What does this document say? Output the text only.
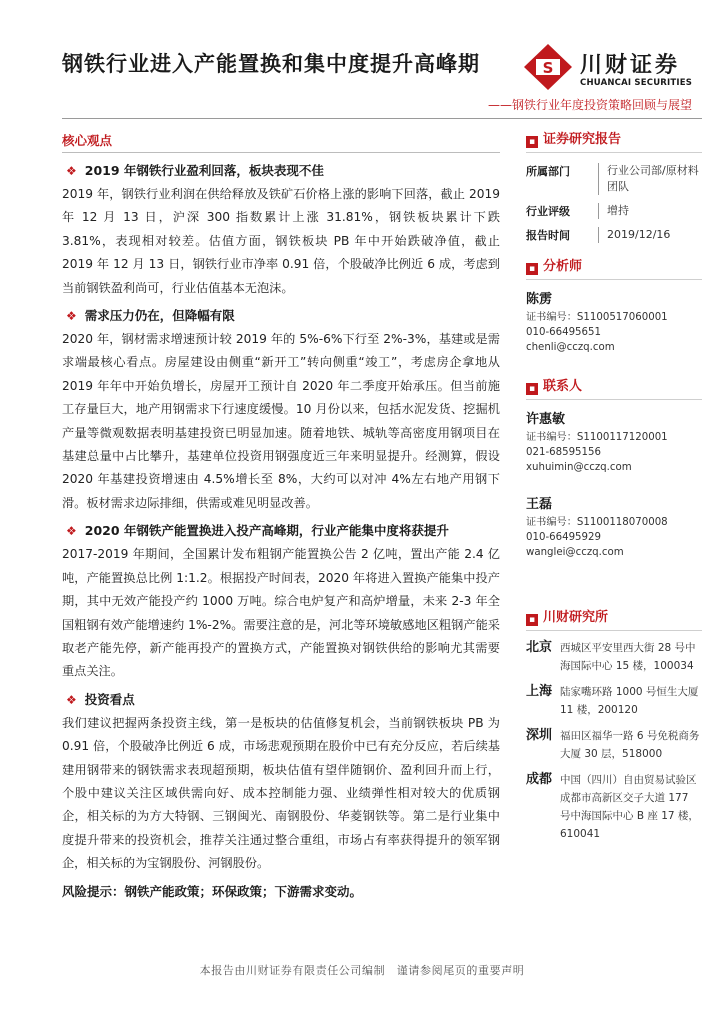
钢铁行业进入产能置换和集中度提升高峰期
——钢铁行业年度投资策略回顾与展望
S 川财证券
CHUANCAI SECURITIES
核心观点
❖ 2019 年钢铁行业盈利回落，板块表现不佳

2019 年，钢铁行业利润在供给释放及铁矿石价格上涨的影响下回落，截止 2019 年 12 月 13 日，沪深 300 指数累计上涨 31.81%，钢铁板块累计下跌 3.81%，表现相对较差。估值方面，钢铁板块 PB 年中开始跌破净值，截止 2019 年 12 月 13 日，钢铁行业市净率 0.91 倍，个股破净比例近 6 成，考虑到当前钢铁盈利尚可，行业估值基本无泡沫。

❖ 需求压力仍在，但降幅有限

2020 年，钢材需求增速预计较 2019 年的 5%-6%下行至 2%-3%，基建或是需求端最核心看点。房屋建设由侧重“新开工”转向侧重“竣工”，考虑房企拿地从 2019 年年中开始负增长，房屋开工预计自 2020 年二季度开始承压。但当前施工存量巨大，地产用钢需求下行速度缓慢。10 月份以来，包括水泥发货、挖掘机产量等微观数据表明基建投资已明显加速。随着地铁、城轨等高密度用钢项目在基建总量中占比攀升，基建单位投资用钢强度近三年来明显提升。经测算，假设 2020 年基建投资增速由 4.5%增长至 8%，大约可以对冲 4%左右地产用钢下滑。板材需求边际排细，供需或难见明显改善。

❖ 2020 年钢铁产能置换进入投产高峰期，行业产能集中度将获提升

2017-2019 年期间，全国累计发布粗钢产能置换公告 2 亿吨，置出产能 2.4 亿吨，产能置换总比例 1:1.2。根据投产时间表，2020 年将进入置换产能集中投产期，其中无效产能投产约 1000 万吨。综合电炉复产和高炉增量，未来 2-3 年全国粗钢有效产能增速约 1%-2%。需要注意的是，河北等环境敏感地区粗钢产能采取老产能先停，新产能再投产的置换方式，产能置换对钢铁供给的影响尤其需要重点关注。

❖ 投资看点

我们建议把握两条投资主线，第一是板块的估值修复机会，当前钢铁板块 PB 为 0.91 倍，个股破净比例近 6 成，市场悲观预期在股价中已有充分反应，若后续基建用钢带来的钢铁需求表现超预期，板块估值有望伴随钢价、盈利回升而上行，个股中建议关注区域供需向好、成本控制能力强、业绩弹性相对较大的优质钢企，相关标的为方大特钢、三钢闽光、南钢股份、华菱钢铁等。第二是行业集中度提升带来的投资机会，推荐关注通过整合重组，市场占有率获得提升的领军钢企，相关标的为宝钢股份、河钢股份。

风险提示：钢铁产能政策；环保政策；下游需求变动。
▪ 证券研究报告
所属部门	行业公司部/原材料团队
行业评级	增持
报告时间	2019/12/16
▪ 分析师
陈雳
证书编号：S1100517060001
010-66495651
chenli@cczq.com
▪ 联系人
许惠敏
证书编号：S1100117120001
021-68595156
xuhuimin@cczq.com
王磊
证书编号：S1100118070008
010-66495929
wanglei@cczq.com
▪ 川财研究所
北京 西城区平安里西大街 28 号中海国际中心 15 楼，100034
上海 陆家嘴环路 1000 号恒生大厦 11 楼，200120
深圳 福田区福华一路 6 号免税商务大厦 30 层，518000
成都 中国（四川）自由贸易试验区成都市高新区交子大道 177 号中海国际中心 B 座 17 楼，610041
本报告由川财证券有限责任公司编制　谨请参阅尾页的重要声明
